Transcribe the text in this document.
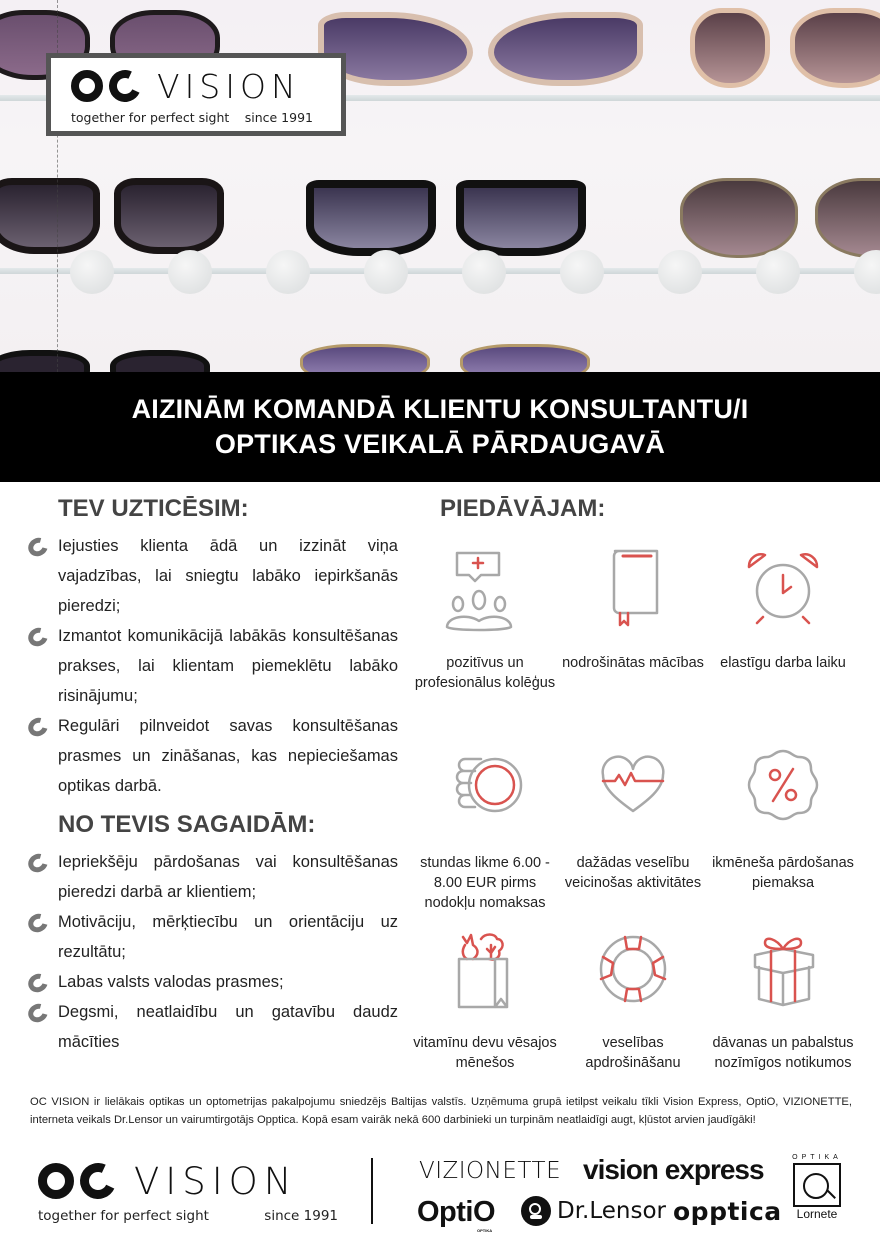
VISION
together for perfect sight since 1991
AIZINĀM KOMANDĀ KLIENTU KONSULTANTU/I
OPTIKAS VEIKALĀ PĀRDAUGAVĀ
TEV UZTICĒSIM:
Iejusties klienta ādā un izzināt viņa vajadzības, lai sniegtu labāko iepirkšanās pieredzi;
Izmantot komunikācijā labākās konsultēšanas prakses, lai klientam piemeklētu labāko risinājumu;
Regulāri pilnveidot savas konsultēšanas prasmes un zināšanas, kas nepieciešamas optikas darbā.
NO TEVIS SAGAIDĀM:
Iepriekšēju pārdošanas vai konsultēšanas pieredzi darbā ar klientiem;
Motivāciju, mērķtiecību un orientāciju uz rezultātu;
Labas valsts valodas prasmes;
Degsmi, neatlaidību un gatavību daudz mācīties
PIEDĀVĀJAM:
pozitīvus un profesionālus kolēģus
nodrošinātas mācības	elastīgu darba laiku
stundas likme 6.00 - 8.00 EUR pirms nodokļu nomaksas
dažādas veselību veicinošas aktivitātes
ikmēneša pārdošanas piemaksa
vitamīnu devu vēsajos mēnešos
veselības apdrošināšanu
dāvanas un pabalstus nozīmīgos notikumos

OC VISION ir lielākais optikas un optometrijas pakalpojumu sniedzējs Baltijas valstīs. Uzņēmuma grupā ietilpst veikalu tīkli Vision Express, OptiO, VIZIONETTE, interneta veikals Dr.Lensor un vairumtirgotājs Opptica. Kopā esam vairāk nekā 600 darbinieki un turpinām neatlaidīgi augt, kļūstot arvien jaudīgāki!

VISION
together for perfect sight	since 1991
VIZIONETTE vision express
OptiO
OPTIKA
Dr.Lensor opptica
OPTIKA
Lornete
